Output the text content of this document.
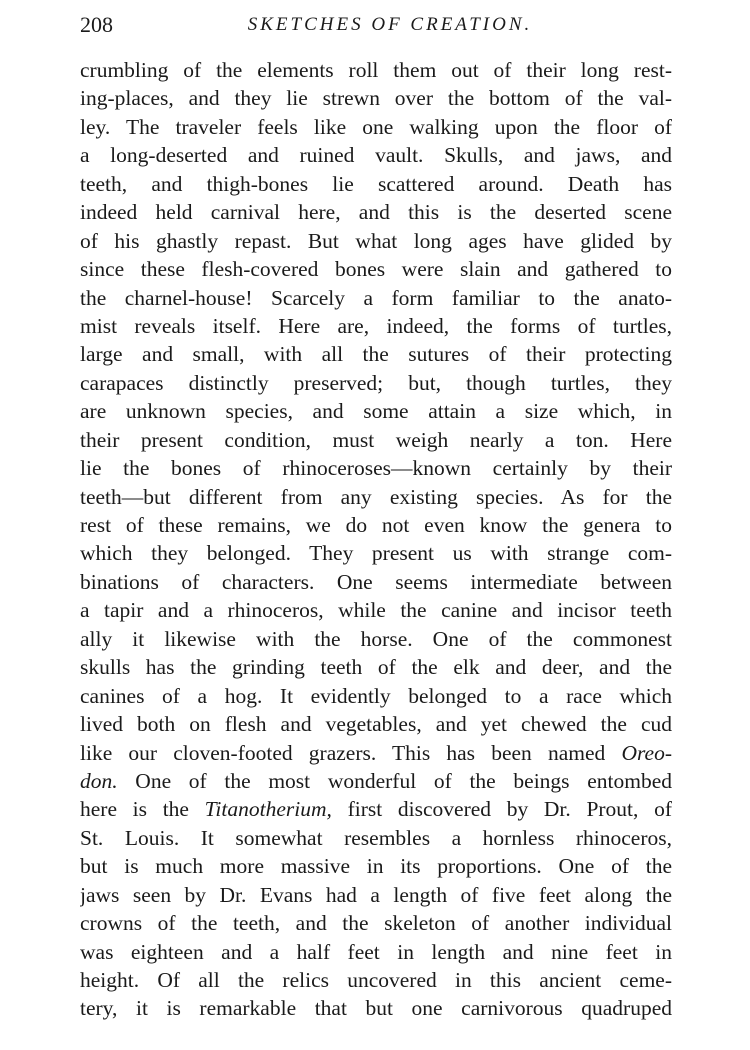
208	SKETCHES OF CREATION.
crumbling of the elements roll them out of their long rest-
ing-places, and they lie strewn over the bottom of the val-
ley. The traveler feels like one walking upon the floor of
a long-deserted and ruined vault. Skulls, and jaws, and
teeth, and thigh-bones lie scattered around. Death has
indeed held carnival here, and this is the deserted scene
of his ghastly repast. But what long ages have glided by
since these flesh-covered bones were slain and gathered to
the charnel-house! Scarcely a form familiar to the anato-
mist reveals itself. Here are, indeed, the forms of turtles,
large and small, with all the sutures of their protecting
carapaces distinctly preserved; but, though turtles, they
are unknown species, and some attain a size which, in
their present condition, must weigh nearly a ton. Here
lie the bones of rhinoceroses—known certainly by their
teeth—but different from any existing species. As for the
rest of these remains, we do not even know the genera to
which they belonged. They present us with strange com-
binations of characters. One seems intermediate between
a tapir and a rhinoceros, while the canine and incisor teeth
ally it likewise with the horse. One of the commonest
skulls has the grinding teeth of the elk and deer, and the
canines of a hog. It evidently belonged to a race which
lived both on flesh and vegetables, and yet chewed the cud
like our cloven-footed grazers. This has been named Oreo-
don. One of the most wonderful of the beings entombed
here is the Titanotherium, first discovered by Dr. Prout, of
St. Louis. It somewhat resembles a hornless rhinoceros,
but is much more massive in its proportions. One of the
jaws seen by Dr. Evans had a length of five feet along the
crowns of the teeth, and the skeleton of another individual
was eighteen and a half feet in length and nine feet in
height. Of all the relics uncovered in this ancient ceme-
tery, it is remarkable that but one carnivorous quadruped
